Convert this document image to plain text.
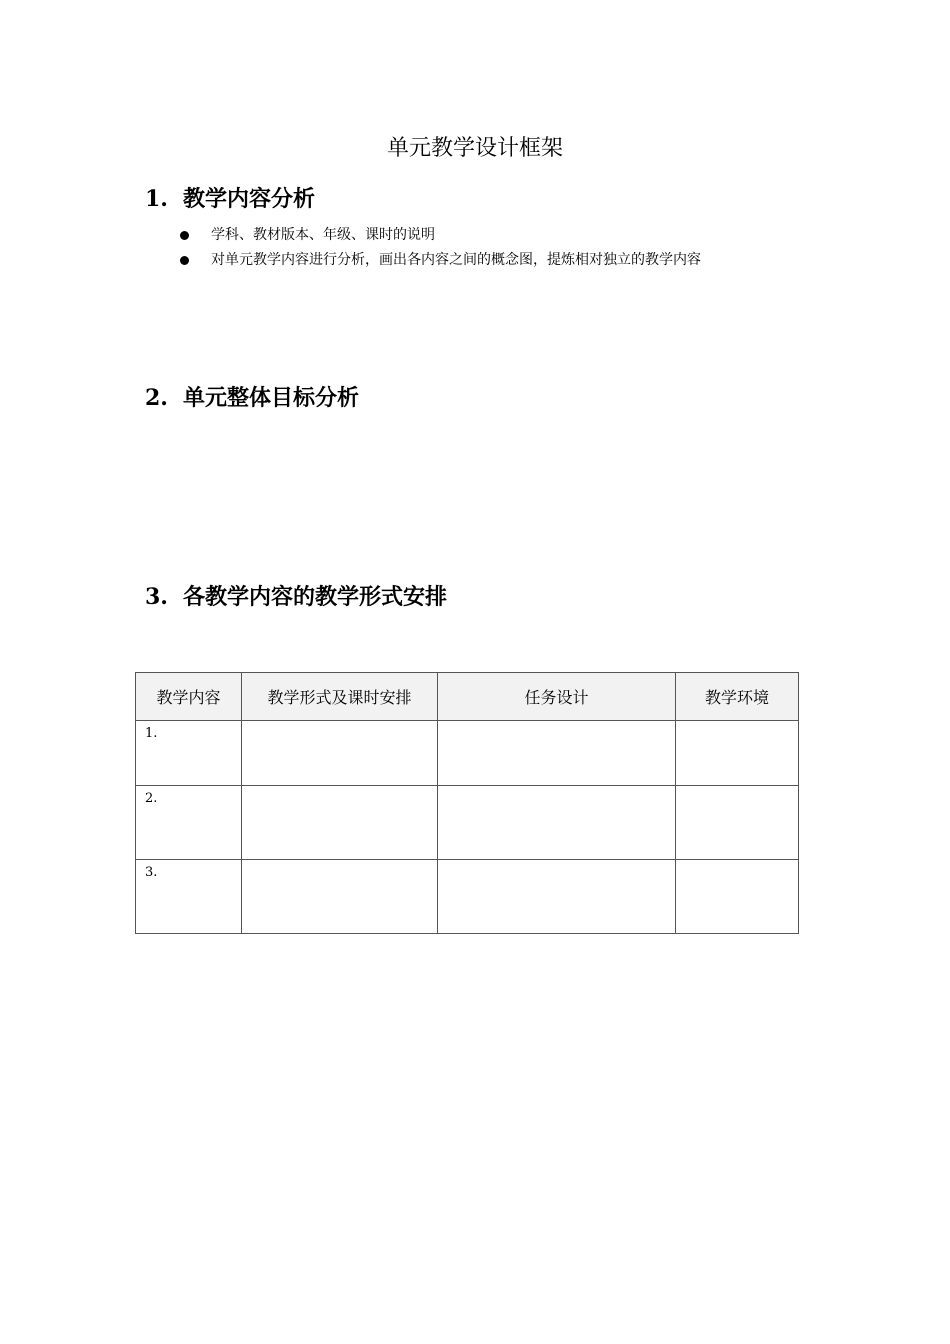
单元教学设计框架
1. 教学内容分析
学科、教材版本、年级、课时的说明
对单元教学内容进行分析，画出各内容之间的概念图，提炼相对独立的教学内容
2. 单元整体目标分析
3. 各教学内容的教学形式安排
教学内容	教学形式及课时安排	任务设计	教学环境
1.			
2.			
3.			
